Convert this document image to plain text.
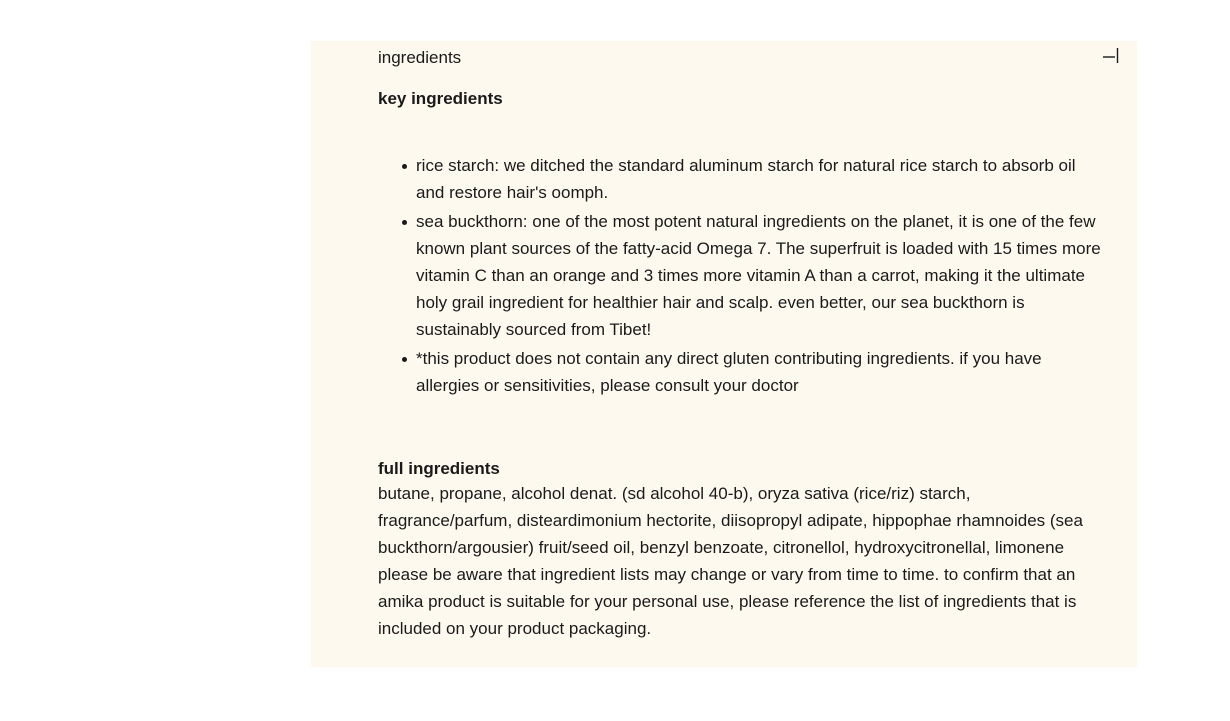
ingredients
key ingredients
rice starch: we ditched the standard aluminum starch for natural rice starch to absorb oil and restore hair's oomph.
sea buckthorn: one of the most potent natural ingredients on the planet, it is one of the few known plant sources of the fatty-acid Omega 7. The superfruit is loaded with 15 times more vitamin C than an orange and 3 times more vitamin A than a carrot, making it the ultimate holy grail ingredient for healthier hair and scalp. even better, our sea buckthorn is sustainably sourced from Tibet!
*this product does not contain any direct gluten contributing ingredients. if you have allergies or sensitivities, please consult your doctor
full ingredients

butane, propane, alcohol denat. (sd alcohol 40-b), oryza sativa (rice/riz) starch, fragrance/parfum, disteardimonium hectorite, diisopropyl adipate, hippophae rhamnoides (sea buckthorn/argousier) fruit/seed oil, benzyl benzoate, citronellol, hydroxycitronellal, limonene

please be aware that ingredient lists may change or vary from time to time. to confirm that an amika product is suitable for your personal use, please reference the list of ingredients that is included on your product packaging.
